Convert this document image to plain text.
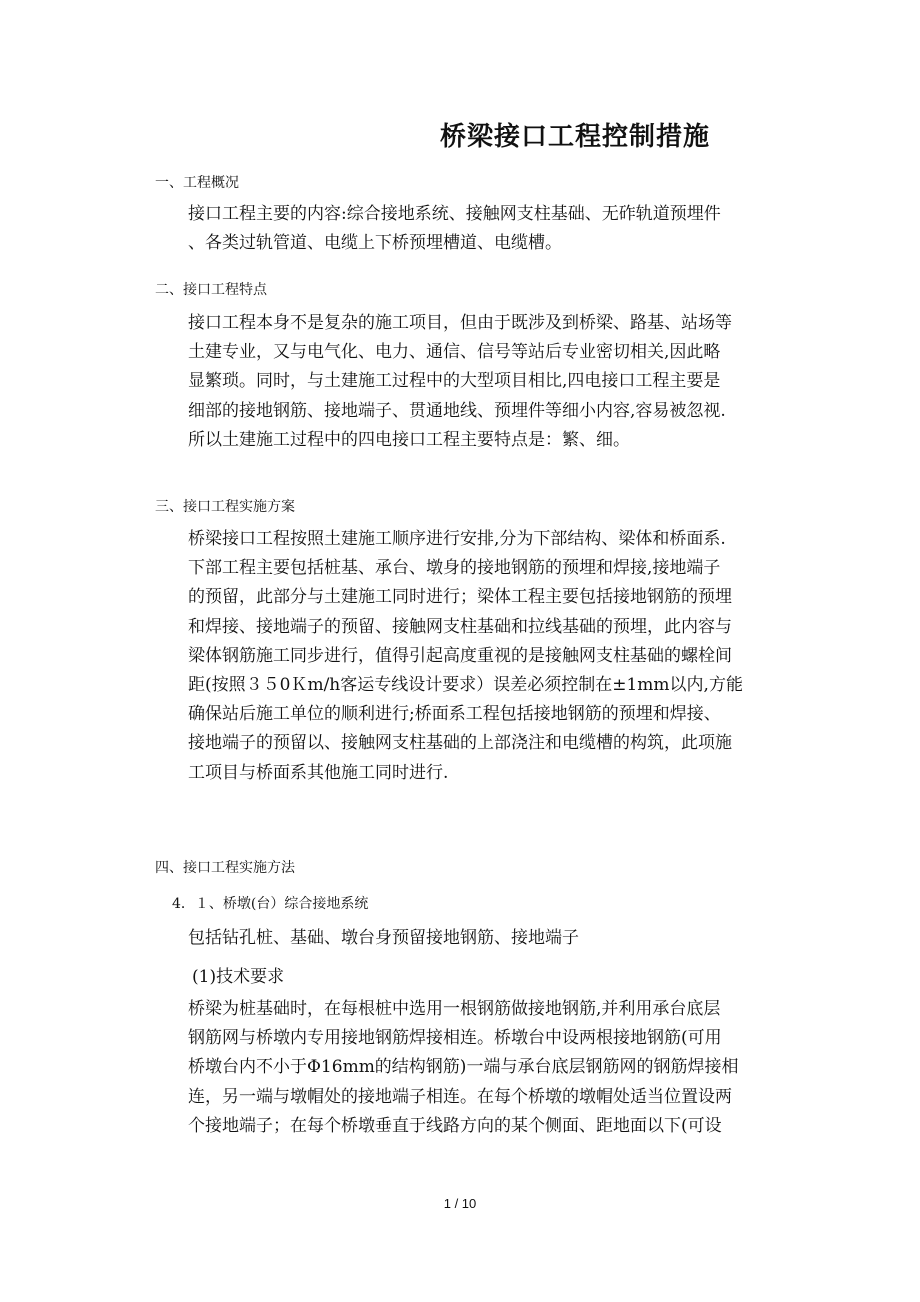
桥梁接口工程控制措施
一、工程概况
接口工程主要的内容:综合接地系统、接触网支柱基础、无砟轨道预埋件
、各类过轨管道、电缆上下桥预埋槽道、电缆槽。
二、接口工程特点
接口工程本身不是复杂的施工项目，但由于既涉及到桥梁、路基、站场等
土建专业，又与电气化、电力、通信、信号等站后专业密切相关,因此略
显繁琐。同时，与土建施工过程中的大型项目相比,四电接口工程主要是
细部的接地钢筋、接地端子、贯通地线、预埋件等细小内容,容易被忽视.
所以土建施工过程中的四电接口工程主要特点是：繁、细。
三、接口工程实施方案
桥梁接口工程按照土建施工顺序进行安排,分为下部结构、梁体和桥面系.
下部工程主要包括桩基、承台、墩身的接地钢筋的预埋和焊接,接地端子
的预留，此部分与土建施工同时进行；梁体工程主要包括接地钢筋的预埋
和焊接、接地端子的预留、接触网支柱基础和拉线基础的预埋，此内容与
梁体钢筋施工同步进行，值得引起高度重视的是接触网支柱基础的螺栓间
距(按照３５0Ｋm/h客运专线设计要求）误差必须控制在±1mm以内,方能
确保站后施工单位的顺利进行;桥面系工程包括接地钢筋的预埋和焊接、
接地端子的预留以、接触网支柱基础的上部浇注和电缆槽的构筑，此项施
工项目与桥面系其他施工同时进行.
四、接口工程实施方法
4．１、桥墩(台）综合接地系统
包括钻孔桩、基础、墩台身预留接地钢筋、接地端子
(1)技术要求
桥梁为桩基础时，在每根桩中选用一根钢筋做接地钢筋,并利用承台底层
钢筋网与桥墩内专用接地钢筋焊接相连。桥墩台中设两根接地钢筋(可用
桥墩台内不小于Φ16mm的结构钢筋)一端与承台底层钢筋网的钢筋焊接相
连，另一端与墩帽处的接地端子相连。在每个桥墩的墩帽处适当位置设两
个接地端子；在每个桥墩垂直于线路方向的某个侧面、距地面以下(可设
1 / 10
